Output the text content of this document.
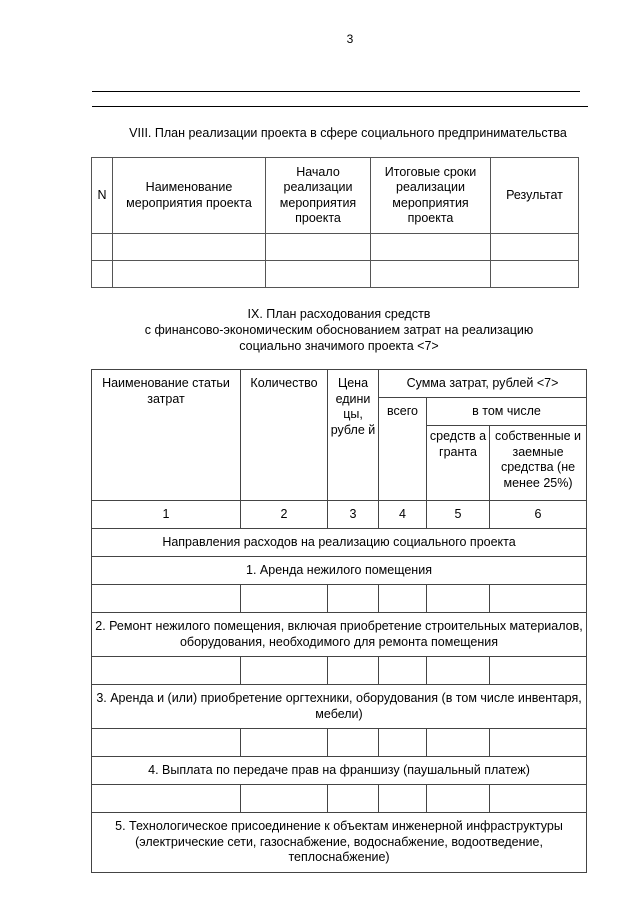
3
VIII. План реализации проекта в сфере социального предпринимательства
N	Наименование мероприятия проекта	Начало реализации мероприятия проекта	Итоговые сроки реализации мероприятия проекта	Результат

IX. План расходования средств
с финансово-экономическим обоснованием затрат на реализацию
социально значимого проекта <7>
Наименование статьи затрат	Количество	Цена едини цы, рубле й	Сумма затрат, рублей <7>		
			всего	в том числе	
				средств а гранта	собственные и заемные средства (не менее 25%)
1	2	3	4	5	6
Направления расходов на реализацию социального проекта					
1. Аренда нежилого помещения					

2. Ремонт нежилого помещения, включая приобретение строительных материалов, оборудования, необходимого для ремонта помещения					

3. Аренда и (или) приобретение оргтехники, оборудования (в том числе инвентаря, мебели)					

4. Выплата по передаче прав на франшизу (паушальный платеж)					

5. Технологическое присоединение к объектам инженерной инфраструктуры (электрические сети, газоснабжение, водоснабжение, водоотведение, теплоснабжение)					
